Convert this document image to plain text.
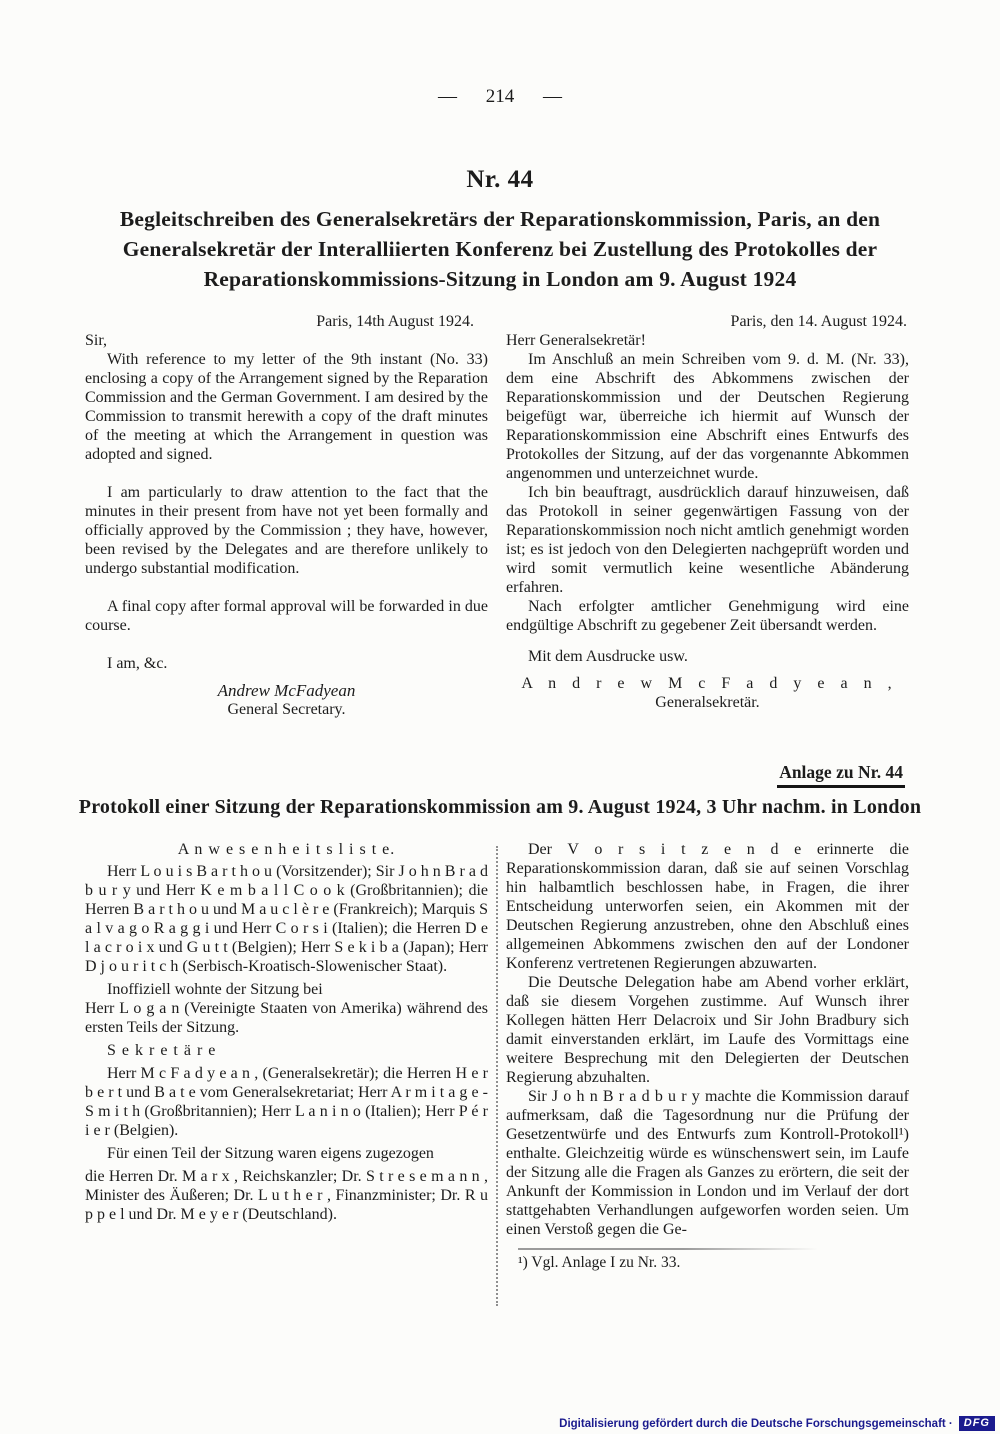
— 214 —
Nr. 44
Begleitschreiben des Generalsekretärs der Reparationskommission, Paris, an den
Generalsekretär der Interalliierten Konferenz bei Zustellung des Protokolles der
Reparationskommissions-Sitzung in London am 9. August 1924

Paris, 14th August 1924.

Sir,

With reference to my letter of the 9th instant (No. 33) enclosing a copy of the Arrangement signed by the Reparation Commission and the German Government. I am desired by the Commission to transmit herewith a copy of the draft minutes of the meeting at which the Arrangement in question was adopted and signed.

I am particularly to draw attention to the fact that the minutes in their present from have not yet been formally and officially approved by the Commission ; they have, however, been revised by the Delegates and are therefore unlikely to undergo substantial modification.

A final copy after formal approval will be forwarded in due course.

I am, &c.

Andrew McFadyean
General Secretary.

Paris, den 14. August 1924.

Herr Generalsekretär!

Im Anschluß an mein Schreiben vom 9. d. M. (Nr. 33), dem eine Abschrift des Abkommens zwischen der Reparationskommission und der Deutschen Regierung beigefügt war, überreiche ich hiermit auf Wunsch der Reparationskommission eine Abschrift eines Entwurfs des Protokolles der Sitzung, auf der das vorgenannte Abkommen angenommen und unterzeichnet wurde.

Ich bin beauftragt, ausdrücklich darauf hinzuweisen, daß das Protokoll in seiner gegenwärtigen Fassung von der Reparationskommission noch nicht amtlich genehmigt worden ist; es ist jedoch von den Delegierten nachgeprüft worden und wird somit vermutlich keine wesentliche Abänderung erfahren.

Nach erfolgter amtlicher Genehmigung wird eine endgültige Abschrift zu gegebener Zeit übersandt werden.

Mit dem Ausdrucke usw.

A n d r e w M c F a d y e a n ,
Generalsekretär.
Anlage zu Nr. 44
Protokoll einer Sitzung der Reparationskommission am 9. August 1924, 3 Uhr nachm. in London
A n w e s e n h e i t s l i s t e.

Herr L o u i s B a r t h o u (Vorsitzender); Sir J o h n B r a d b u r y und Herr K e m b a l l C o o k (Großbritannien); die Herren B a r t h o u und M a u c l è r e (Frankreich); Marquis S a l v a g o R a g g i und Herr C o r s i (Italien); die Herren D e l a c r o i x und G u t t (Belgien); Herr S e k i b a (Japan); Herr D j o u r i t c h (Serbisch-Kroatisch-Slowenischer Staat).

Inoffiziell wohnte der Sitzung bei

Herr L o g a n (Vereinigte Staaten von Amerika) während des ersten Teils der Sitzung.

S e k r e t ä r e

Herr M c F a d y e a n , (Generalsekretär); die Herren H e r b e r t und B a t e vom Generalsekretariat; Herr A r m i t a g e - S m i t h (Großbritannien); Herr L a n i n o (Italien); Herr P é r i e r (Belgien).

Für einen Teil der Sitzung waren eigens zugezogen

die Herren Dr. M a r x , Reichskanzler; Dr. S t r e s e m a n n , Minister des Äußeren; Dr. L u t h e r , Finanzminister; Dr. R u p p e l und Dr. M e y e r (Deutschland).

Der V o r s i t z e n d e erinnerte die Reparationskommission daran, daß sie auf seinen Vorschlag hin halbamtlich beschlossen habe, in Fragen, die ihrer Entscheidung unterworfen seien, ein Akommen mit der Deutschen Regierung anzustreben, ohne den Abschluß eines allgemeinen Abkommens zwischen den auf der Londoner Konferenz vertretenen Regierungen abzuwarten.

Die Deutsche Delegation habe am Abend vorher erklärt, daß sie diesem Vorgehen zustimme. Auf Wunsch ihrer Kollegen hätten Herr Delacroix und Sir John Bradbury sich damit einverstanden erklärt, im Laufe des Vormittags eine weitere Besprechung mit den Delegierten der Deutschen Regierung abzuhalten.

Sir J o h n B r a d b u r y machte die Kommission darauf aufmerksam, daß die Tagesordnung nur die Prüfung der Gesetzentwürfe und des Entwurfs zum Kontroll-Protokoll¹) enthalte. Gleichzeitig würde es wünschenswert sein, im Laufe der Sitzung alle die Fragen als Ganzes zu erörtern, die seit der Ankunft der Kommission in London und im Verlauf der dort stattgehabten Verhandlungen aufgeworfen worden seien. Um einen Verstoß gegen die Ge-

¹) Vgl. Anlage I zu Nr. 33.

Digitalisierung gefördert durch die Deutsche Forschungsgemeinschaft ·	DFG
